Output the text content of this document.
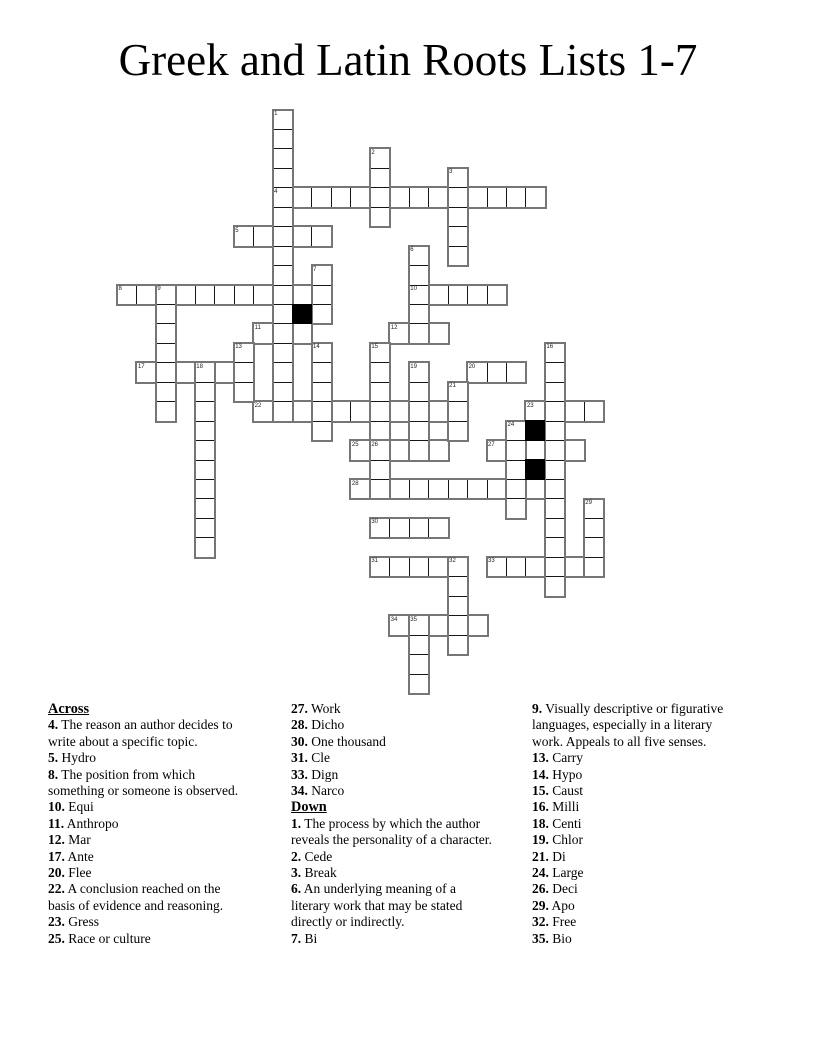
Greek and Latin Roots Lists 1-7
4
5
8	10
11	12
17	20
22	23
25	27
28
30
31	33
34
1
2
3
6
7
9
13	14	15	16
18	19
21
24
26
29
32
35
Across
4. The reason an author decides to
write about a specific topic.
5. Hydro
8. The position from which
something or someone is observed.
10. Equi
11. Anthropo
12. Mar
17. Ante
20. Flee
22. A conclusion reached on the
basis of evidence and reasoning.
23. Gress
25. Race or culture
27. Work
28. Dicho
30. One thousand
31. Cle
33. Dign
34. Narco
Down
1. The process by which the author
reveals the personality of a character.
2. Cede
3. Break
6. An underlying meaning of a
literary work that may be stated
directly or indirectly.
7. Bi
9. Visually descriptive or figurative
languages, especially in a literary
work. Appeals to all five senses.
13. Carry
14. Hypo
15. Caust
16. Milli
18. Centi
19. Chlor
21. Di
24. Large
26. Deci
29. Apo
32. Free
35. Bio
